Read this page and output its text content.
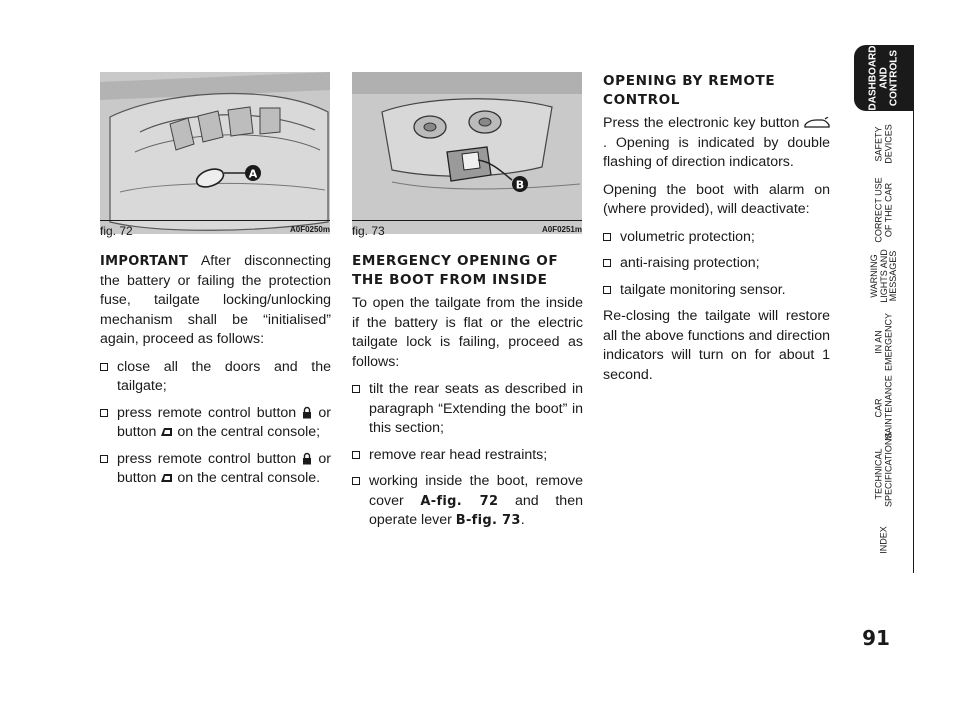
A
fig. 72	A0F0250m
B
fig. 73	A0F0251m

IMPORTANT After disconnecting the battery or failing the protection fuse, tailgate locking/unlocking mechanism shall be “initialised” again, proceed as follows:

close all the doors and the tailgate;
press remote control button or button on the central console;
press remote control button or button on the central console.
EMERGENCY OPENING OF THE BOOT FROM INSIDE

To open the tailgate from the inside if the battery is flat or the electric tailgate lock is failing, proceed as follows:

tilt the rear seats as described in paragraph “Extending the boot” in this section;
remove rear head restraints;
working inside the boot, remove cover A-fig. 72 and then operate lever B-fig. 73.
OPENING BY REMOTE CONTROL

Press the electronic key button . Opening is indicated by double flashing of direction indicators.

Opening the boot with alarm on (where provided), will deactivate:

volumetric protection;
anti-raising protection;
tailgate monitoring sensor.

Re-closing the tailgate will restore all the above functions and direction indicators will turn on for about 1 second.

DASHBOARD
AND
CONTROLS
SAFETY
DEVICES
CORRECT USE
OF THE CAR
WARNING
LIGHTS AND
MESSAGES
IN AN
EMERGENCY
CAR
MAINTENANCE
TECHNICAL
SPECIFICATIONS
INDEX
91
